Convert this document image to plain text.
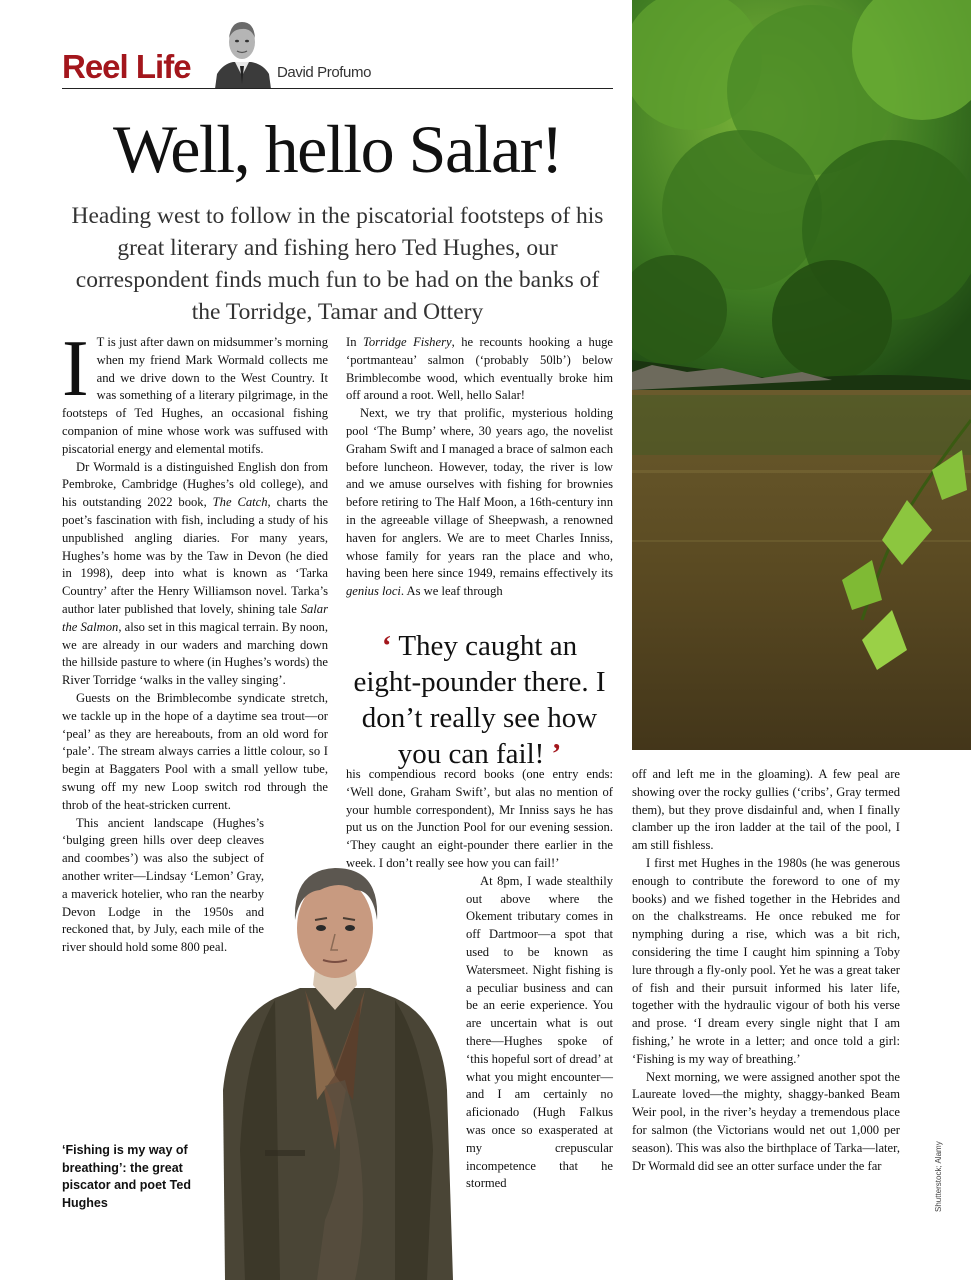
Reel Life	David Profumo
Well, hello Salar!
Heading west to follow in the piscatorial footsteps of his great literary and fishing hero Ted Hughes, our correspondent finds much fun to be had on the banks of the Torridge, Tamar and Ottery

I T is just after dawn on midsummer’s morning when my friend Mark Wormald collects me and we drive down to the West Country. It was something of a literary pilgrimage, in the footsteps of Ted Hughes, an occasional fishing companion of mine whose work was suffused with piscatorial energy and elemental motifs.

Dr Wormald is a distinguished English don from Pembroke, Cambridge (Hughes’s old college), and his outstanding 2022 book, The Catch, charts the poet’s fascination with fish, including a study of his unpublished angling diaries. For many years, Hughes’s home was by the Taw in Devon (he died in 1998), deep into what is known as ‘Tarka Country’ after the Henry Williamson novel. Tarka’s author later published that lovely, shining tale Salar the Salmon, also set in this magical terrain. By noon, we are already in our waders and marching down the hillside pasture to where (in Hughes’s words) the River Torridge ‘walks in the valley singing’.

Guests on the Brimblecombe syndicate stretch, we tackle up in the hope of a daytime sea trout—or ‘peal’ as they are hereabouts, from an old word for ‘pale’. The stream always carries a little colour, so I begin at Baggaters Pool with a small yellow tube, swung off my new Loop switch rod through the throb of the heat-stricken current.

This ancient landscape (Hughes’s ‘bulging green hills over deep cleaves and coombes’) was also the subject of another writer—Lindsay ‘Lemon’ Gray, a maverick hotelier, who ran the nearby Devon Lodge in the 1950s and reckoned that, by July, each mile of the river should hold some 800 peal.

In Torridge Fishery, he recounts hooking a huge ‘portmanteau’ salmon (‘probably 50lb’) below Brimblecombe wood, which eventually broke him off around a root. Well, hello Salar!

Next, we try that prolific, mysterious holding pool ‘The Bump’ where, 30 years ago, the novelist Graham Swift and I managed a brace of salmon each before luncheon. However, today, the river is low and we amuse ourselves with fishing for brownies before retiring to The Half Moon, a 16th-century inn in the agreeable village of Sheepwash, a renowned haven for anglers. We are to meet Charles Inniss, whose family for years ran the place and who, having been here since 1949, remains effectively its genius loci. As we leaf through

‘ They caught an eight-pounder there. I don’t really see how you can fail! ’

his compendious record books (one entry ends: ‘Well done, Graham Swift’, but alas no mention of your humble correspondent), Mr Inniss says he has put us on the Junction Pool for our evening session. ‘They caught an eight-pounder there earlier in the week. I don’t really see how you can fail!’

At 8pm, I wade stealthily out above where the Okement tributary comes in off Dartmoor—a spot that used to be known as Watersmeet. Night fishing is a peculiar business and can be an eerie experience. You are uncertain what is out there—Hughes spoke of ‘this hopeful sort of dread’ at what you might encounter—and I am certainly no aficionado (Hugh Falkus was once so exasperated at my crepuscular incompetence that he stormed

off and left me in the gloaming). A few peal are showing over the rocky gullies (‘cribs’, Gray termed them), but they prove disdainful and, when I finally clamber up the iron ladder at the tail of the pool, I am still fishless.

I first met Hughes in the 1980s (he was generous enough to contribute the foreword to one of my books) and we fished together in the Hebrides and on the chalkstreams. He once rebuked me for nymphing during a rise, which was a bit rich, considering the time I caught him spinning a Toby lure through a fly-only pool. Yet he was a great taker of fish and their pursuit informed his later life, together with the hydraulic vigour of both his verse and prose. ‘I dream every single night that I am fishing,’ he wrote in a letter; and once told a girl: ‘Fishing is my way of breathing.’

Next morning, we were assigned another spot the Laureate loved—the mighty, shaggy-banked Beam Weir pool, in the river’s heyday a tremendous place for salmon (the Victorians would net out 1,000 per season). This was also the birthplace of Tarka—later, Dr Wormald did see an otter surface under the far

‘Fishing is my way of breathing’: the great piscator and poet Ted Hughes	Shutterstock; Alamy
